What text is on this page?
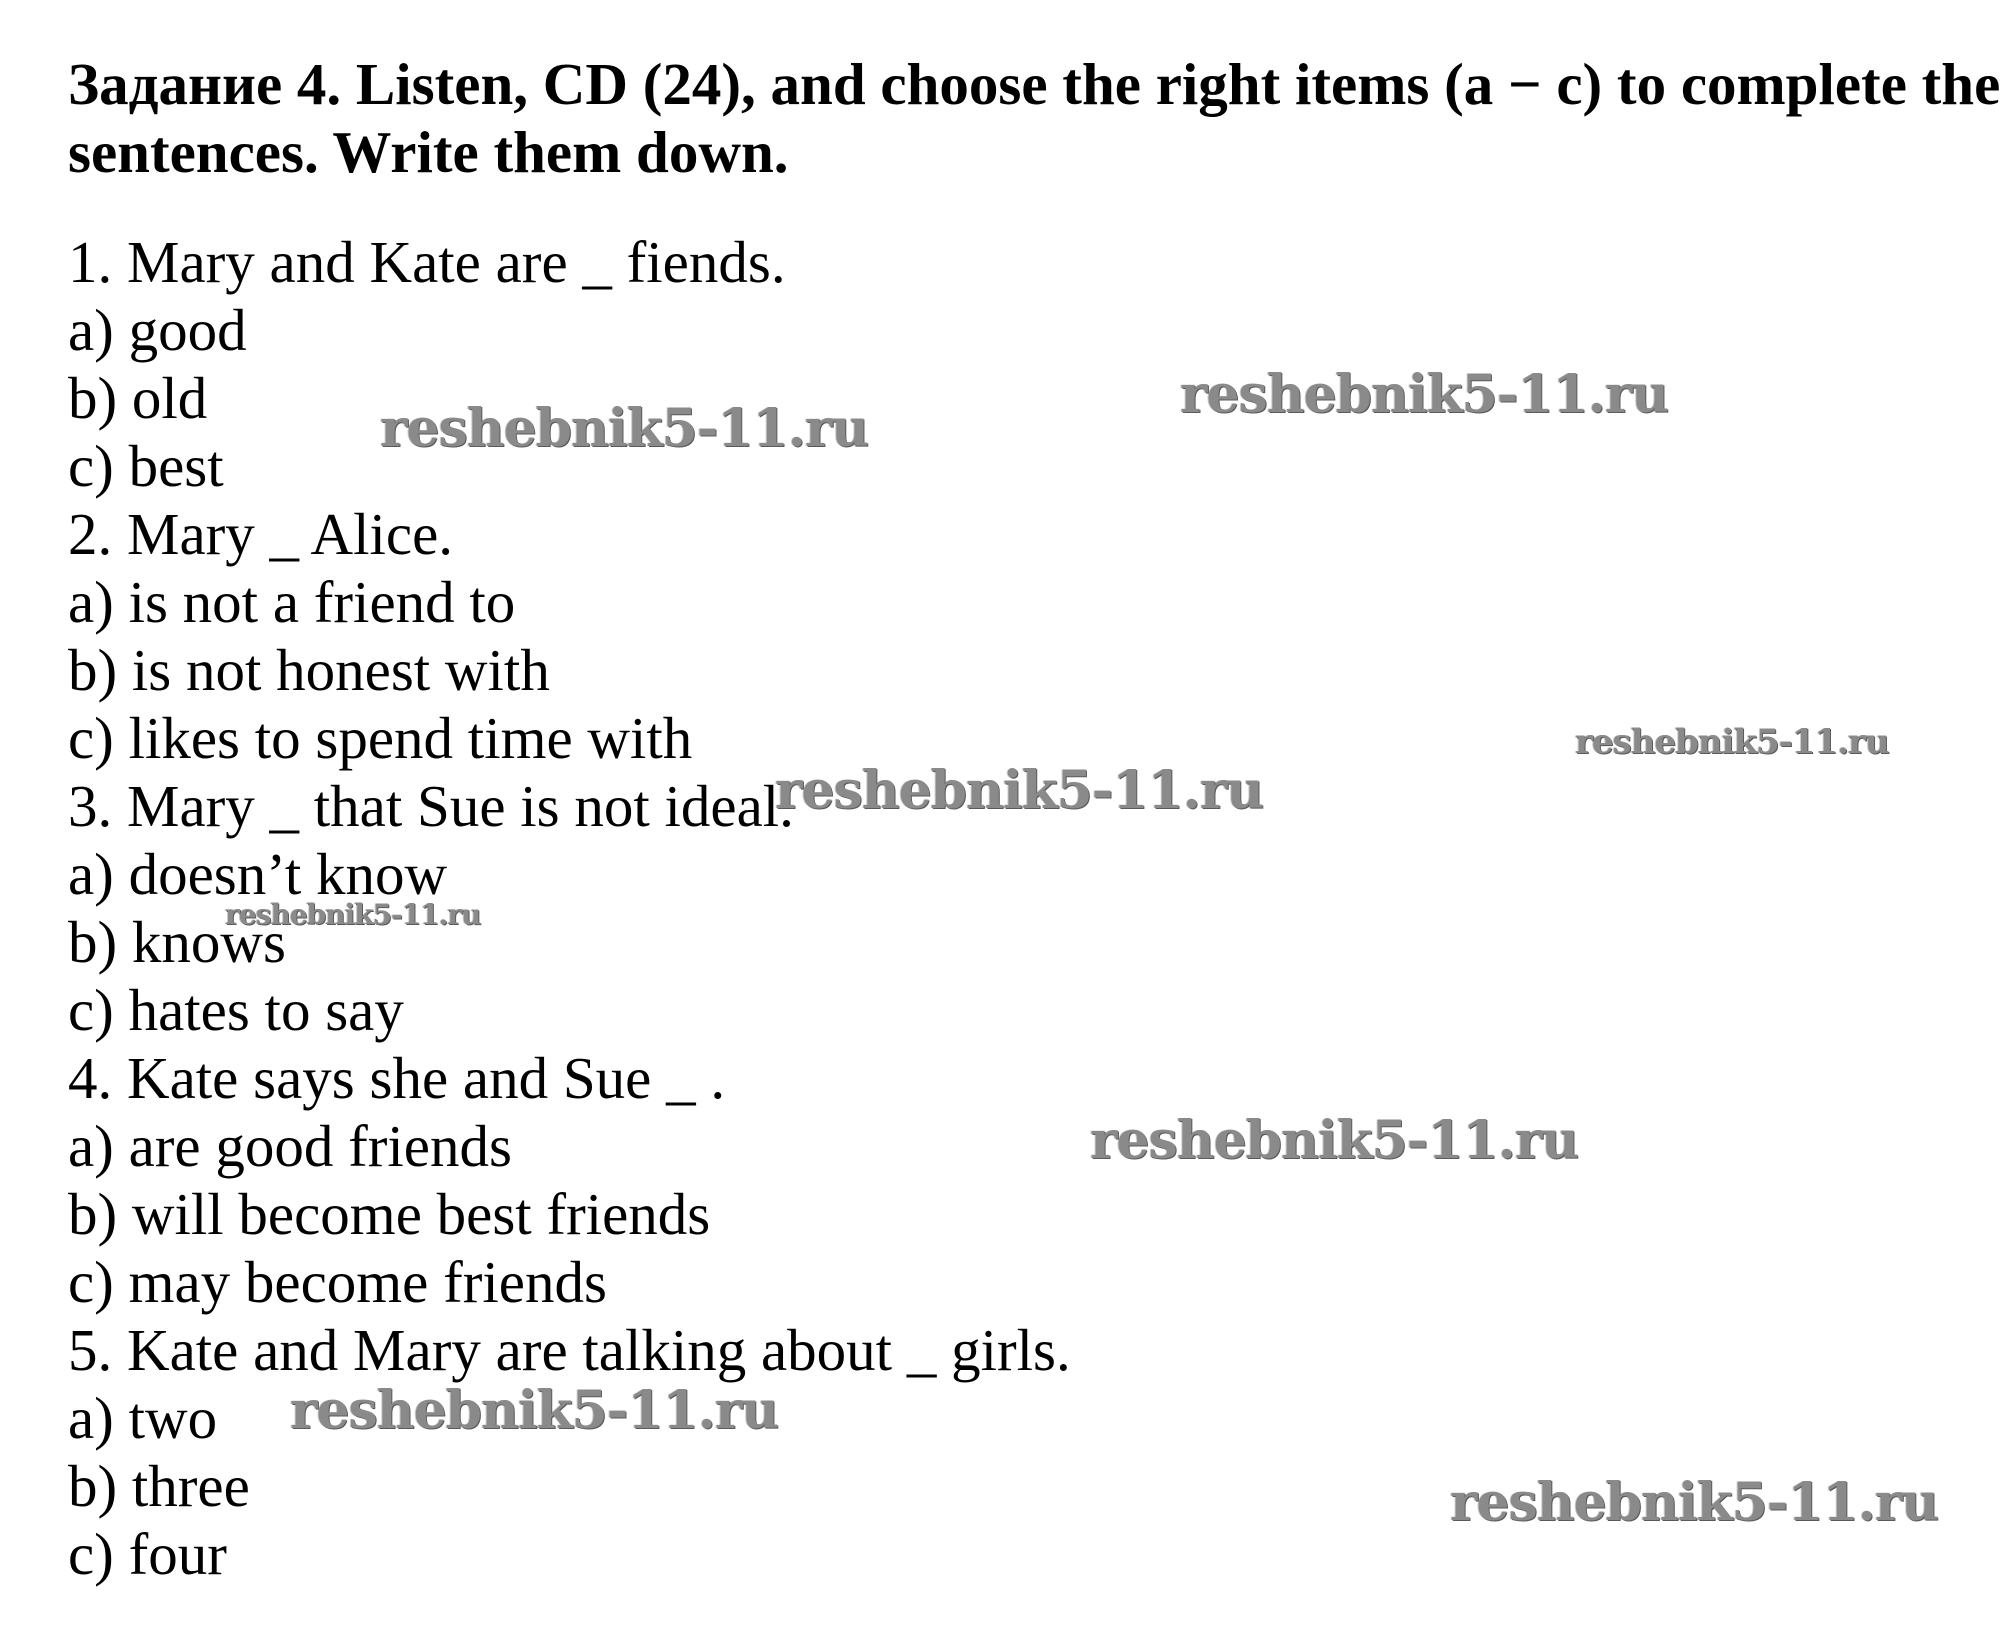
Задание 4. Listen, CD (24), and choose the right items (a − c) to complete the
sentences. Write them down.
1. Mary and Kate are _ fiends.
a) good
b) old
c) best
2. Mary _ Alice.
a) is not a friend to
b) is not honest with
c) likes to spend time with
3. Mary _ that Sue is not ideal.
a) doesn’t know
b) knows
c) hates to say
4. Kate says she and Sue _ .
a) are good friends
b) will become best friends
c) may become friends
5. Kate and Mary are talking about _ girls.
a) two
b) three
c) four
reshebnik5-11.ru
reshebnik5-11.ru
reshebnik5-11.ru
reshebnik5-11.ru
reshebnik5-11.ru
reshebnik5-11.ru
reshebnik5-11.ru
reshebnik5-11.ru
